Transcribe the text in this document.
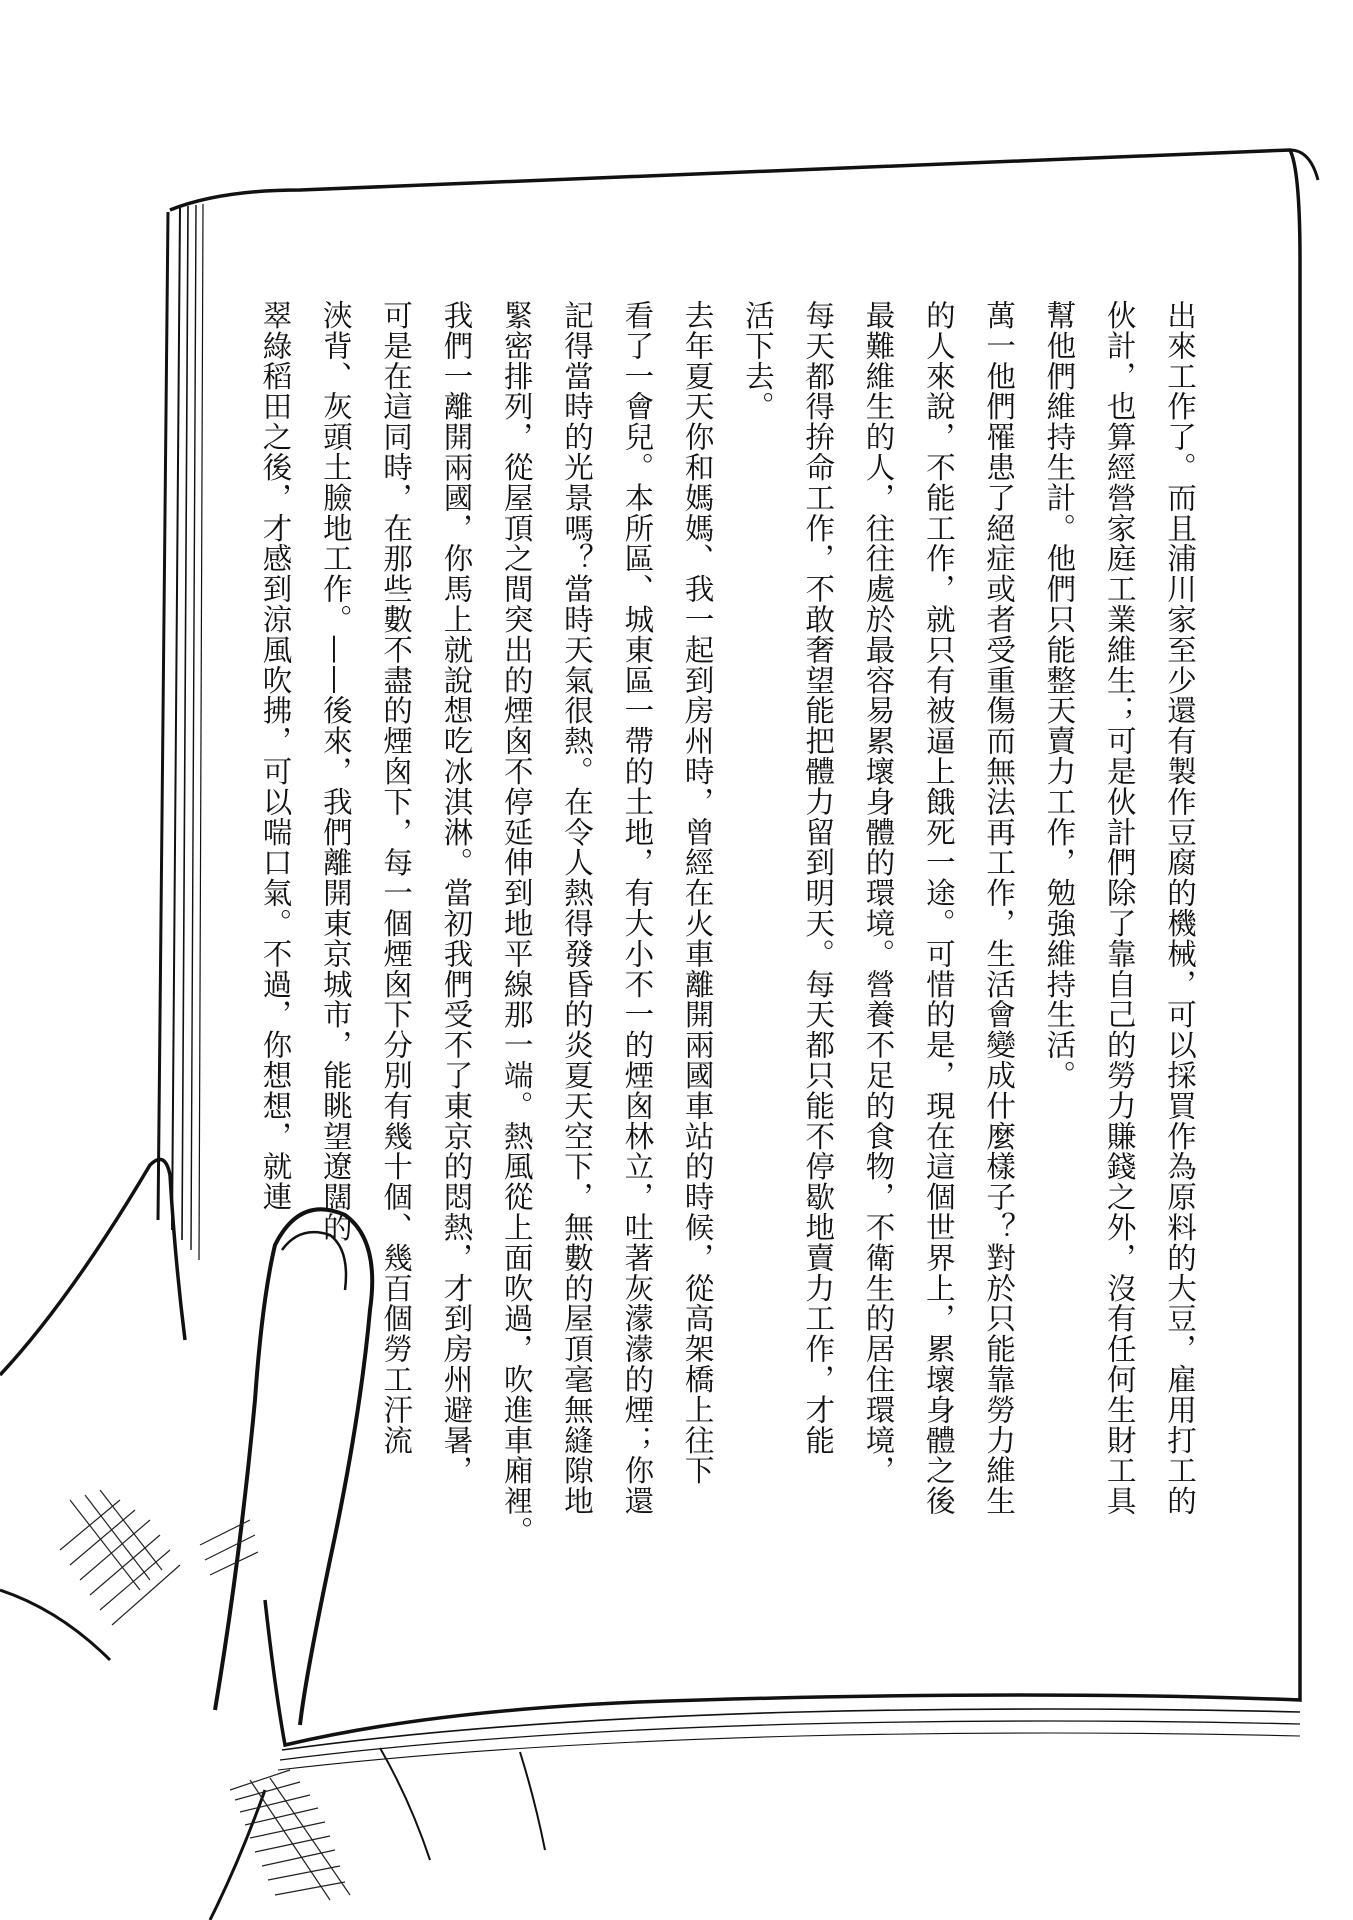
出來工作了。而且浦川家至少還有製作豆腐的機械，可以採買作為原料的大豆，雇用打工的
伙計，也算經營家庭工業維生；可是伙計們除了靠自己的勞力賺錢之外，沒有任何生財工具
幫他們維持生計。他們只能整天賣力工作，勉強維持生活。

萬一他們罹患了絕症或者受重傷而無法再工作，生活會變成什麼樣子？對於只能靠勞力維生
的人來說，不能工作，就只有被逼上餓死一途。可惜的是，現在這個世界上，累壞身體之後
最難維生的人，往往處於最容易累壞身體的環境。營養不足的食物，不衛生的居住環境，
每天都得拚命工作，不敢奢望能把體力留到明天。每天都只能不停歇地賣力工作，才能
活下去。

去年夏天你和媽媽、我一起到房州時，曾經在火車離開兩國車站的時候，從高架橋上往下
看了一會兒。本所區、城東區一帶的土地，有大小不一的煙囪林立，吐著灰濛濛的煙；你還
記得當時的光景嗎？當時天氣很熱。在令人熱得發昏的炎夏天空下，無數的屋頂毫無縫隙地
緊密排列，從屋頂之間突出的煙囪不停延伸到地平線那一端。熱風從上面吹過，吹進車廂裡。
我們一離開兩國，你馬上就說想吃冰淇淋。當初我們受不了東京的悶熱，才到房州避暑，
可是在這同時，在那些數不盡的煙囪下，每一個煙囪下分別有幾十個、幾百個勞工汗流
浹背、灰頭土臉地工作。——後來，我們離開東京城市，能眺望遼闊的
翠綠稻田之後，才感到涼風吹拂，可以喘口氣。不過，你想想，就連
